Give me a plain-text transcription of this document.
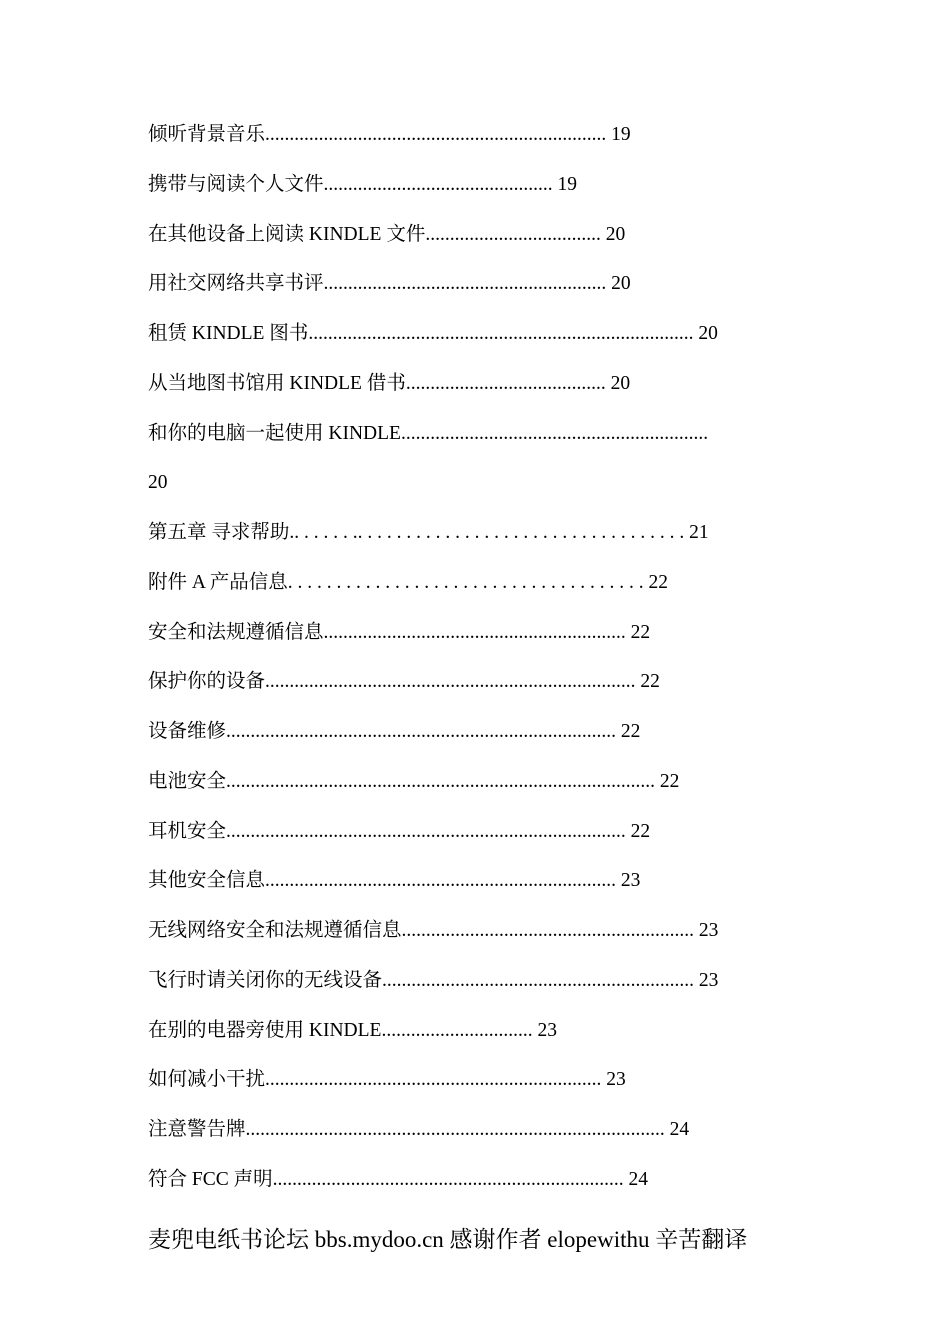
倾听背景音乐...................................................................... 19
携带与阅读个人文件............................................... 19
在其他设备上阅读 KINDLE 文件.................................... 20
用社交网络共享书评.......................................................... 20
租赁 KINDLE 图书............................................................................... 20
从当地图书馆用 KINDLE 借书......................................... 20
和你的电脑一起使用 KINDLE...............................................................
20
第五章 寻求帮助.. . . . . . .. . . . . . . . . . . . . . . . . . . . . . . . . . . . . . . . . . 21
附件 A 产品信息. . . . . . . . . . . . . . . . . . . . . . . . . . . . . . . . . . . . . 22
安全和法规遵循信息.............................................................. 22
保护你的设备............................................................................ 22
设备维修................................................................................ 22
电池安全........................................................................................ 22
耳机安全.................................................................................. 22
其他安全信息........................................................................ 23
无线网络安全和法规遵循信息............................................................ 23
飞行时请关闭你的无线设备................................................................ 23
在别的电器旁使用 KINDLE............................... 23
如何减小干扰..................................................................... 23
注意警告牌...................................................................................... 24
符合 FCC 声明........................................................................ 24
麦兜电纸书论坛 bbs.mydoo.cn 感谢作者 elopewithu 辛苦翻译
